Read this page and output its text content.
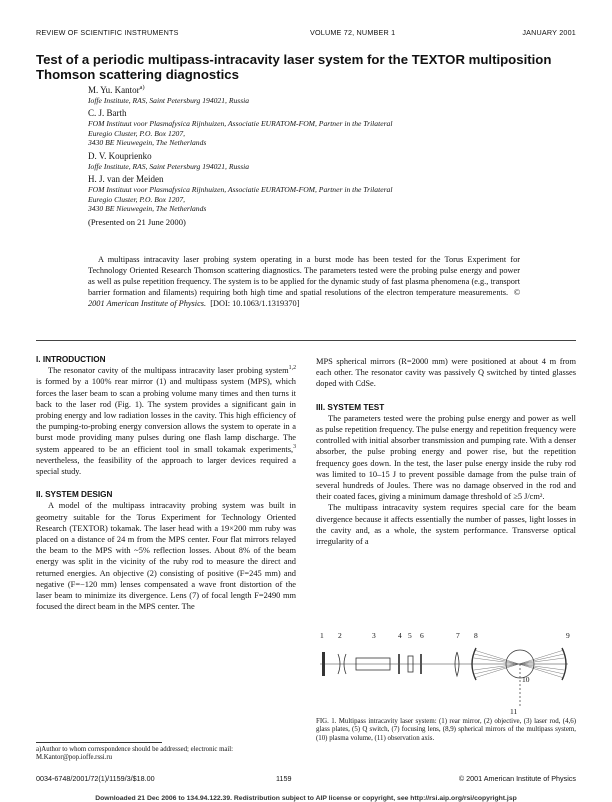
REVIEW OF SCIENTIFIC INSTRUMENTS	VOLUME 72, NUMBER 1	JANUARY 2001
Test of a periodic multipass-intracavity laser system for the TEXTOR multiposition Thomson scattering diagnostics
M. Yu. Kantor$^{a)}$
Ioffe Institute, RAS, Saint Petersburg 194021, Russia
C. J. Barth
FOM Instituut voor Plasmafysica Rijnhuizen, Associatie EURATOM-FOM, Partner in the Trilateral
Euregio Cluster, P.O. Box 1207,
3430 BE Nieuwegein, The Netherlands
D. V. Kouprienko
Ioffe Institute, RAS, Saint Petersburg 194021, Russia
H. J. van der Meiden
FOM Instituut voor Plasmafysica Rijnhuizen, Associatie EURATOM-FOM, Partner in the Trilateral
Euregio Cluster, P.O. Box 1207,
3430 BE Nieuwegein, The Netherlands
(Presented on 21 June 2000)
A multipass intracavity laser probing system operating in a burst mode has been tested for the Torus Experiment for Technology Oriented Research Thomson scattering diagnostics. The parameters tested were the probing pulse energy and power as well as pulse repetition frequency. The system is to be applied for the dynamic study of fast plasma phenomena (e.g., transport barrier formation and filaments) requiring both high time and spatial resolutions of the electron temperature measurements. © 2001 American Institute of Physics. [DOI: 10.1063/1.1319370]

I. INTRODUCTION

The resonator cavity of the multipass intracavity laser probing system$^{1,2}$ is formed by a 100% rear mirror (1) and multipass system (MPS), which forces the laser beam to scan a probing volume many times and then turns it back to the laser rod (Fig. 1). The system provides a significant gain in probing energy and low radiation losses in the cavity. This high efficiency of the pumping-to-probing energy conversion allows the system to operate in a burst mode providing many pulses during one flash lamp discharge. The system appeared to be an efficient tool in small tokamak experiments,$^3$ nevertheless, the feasibility of the approach to larger devices required a special study.

II. SYSTEM DESIGN

A model of the multipass intracavity probing system was built in geometry suitable for the Torus Experiment for Technology Oriented Research (TEXTOR) tokamak. The laser head with a 19×200 mm ruby was placed on a distance of 24 m from the MPS center. Four flat mirrors relayed the beam to the MPS with ~5% reflection losses. About 8% of the beam energy was split in the vicinity of the ruby rod to measure the direct and returned energies. An objective (2) consisting of positive (F=245 mm) and negative (F=−120 mm) lenses compensated a wave front distortion of the laser beam to minimize its divergence. Lens (7) of focal length F=2490 mm focused the direct beam in the MPS center. The

MPS spherical mirrors (R=2000 mm) were positioned at about 4 m from each other. The resonator cavity was passively Q switched by tinted glasses doped with CdSe.

III. SYSTEM TEST

The parameters tested were the probing pulse energy and power as well as pulse repetition frequency. The pulse energy and repetition frequency were controlled with initial absorber transmission and pumping rate. With a denser absorber, the pulse probing energy and power rise, but the repetition frequency goes down. In the test, the laser pulse energy inside the ruby rod was limited to 10–15 J to prevent possible damage from the pulse train of several hundreds of Joules. There was no damage observed in the rod and their coated faces, giving a minimum damage threshold of ≥5 J/cm².

The multipass intracavity system requires special care for the beam divergence because it affects essentially the number of passes, light losses in the cavity and, as a whole, the system performance. Transverse optical irregularity of a

1 2	3	4 5 6	7 8	9
10
11
FIG. 1. Multipass intracavity laser system: (1) rear mirror, (2) objective, (3) laser rod, (4,6) glass plates, (5) Q switch, (7) focusing lens, (8,9) spherical mirrors of the multipass system, (10) plasma volume, (11) observation axis.
a)Author to whom correspondence should be addressed; electronic mail: M.Kantor@pop.ioffe.rssi.ru
0034-6748/2001/72(1)/1159/3/$18.00	1159	© 2001 American Institute of Physics
Downloaded 21 Dec 2006 to 134.94.122.39. Redistribution subject to AIP license or copyright, see http://rsi.aip.org/rsi/copyright.jsp
